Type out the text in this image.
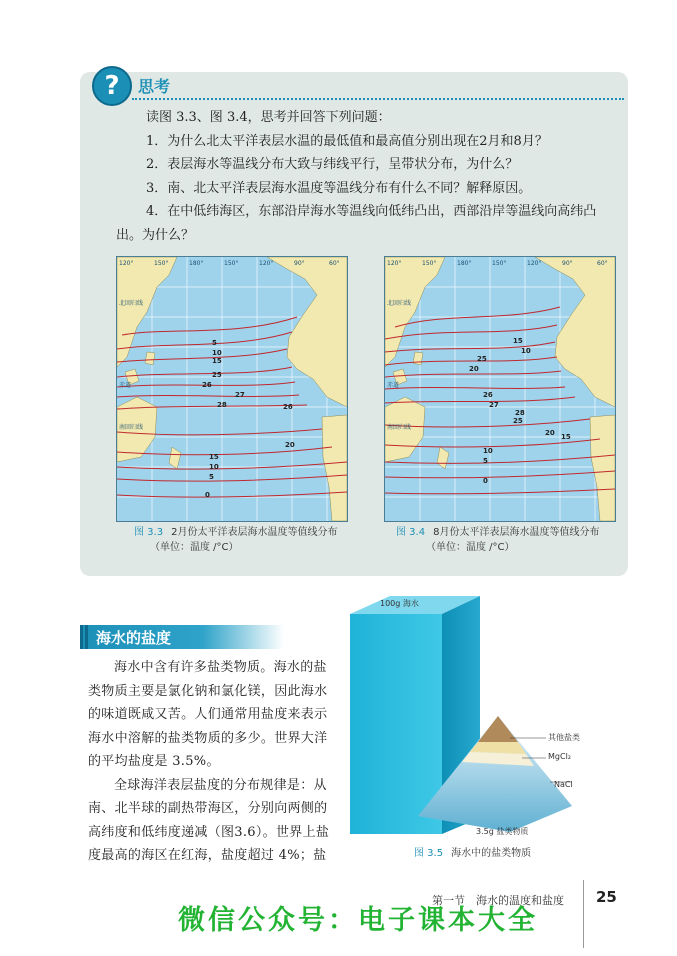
?	思考
读图 3.3、图 3.4，思考并回答下列问题：
1．为什么北太平洋表层水温的最低值和最高值分别出现在2月和8月？
2．表层海水等温线分布大致与纬线平行，呈带状分布，为什么？
3．南、北太平洋表层海水温度等温线分布有什么不同？解释原因。
4．在中低纬海区，东部沿岸海水等温线向低纬凸出，西部沿岸等温线向高纬凸
出。为什么？
5
10
15
25
26
27
28	26
20
15
10
5
0
120°	150°	180°	150°	120°	90°	60°
北回归线
赤道
南回归线
图 3.3 2月份太平洋表层海水温度等值线分布
（单位：温度 /°C）
15
10
25
20
26
27
28
25
20 15
10
5
0
120°	150°	180°	150°	120°	90°	60°
北回归线
赤道
南回归线
图 3.4 8月份太平洋表层海水温度等值线分布
（单位：温度 /°C）
海水的盐度
海水中含有许多盐类物质。海水的盐
类物质主要是氯化钠和氯化镁，因此海水
的味道既咸又苦。人们通常用盐度来表示
海水中溶解的盐类物质的多少。世界大洋
的平均盐度是 3.5%。
全球海洋表层盐度的分布规律是：从
南、北半球的副热带海区，分别向两侧的
高纬度和低纬度递减（图3.6）。世界上盐
度最高的海区在红海，盐度超过 4%；盐
100g 海水
其他盐类
MgCl₂
NaCl
3.5g 盐类物质
图 3.5 海水中的盐类物质
第一节　海水的温度和盐度 25
微信公众号：电子课本大全
